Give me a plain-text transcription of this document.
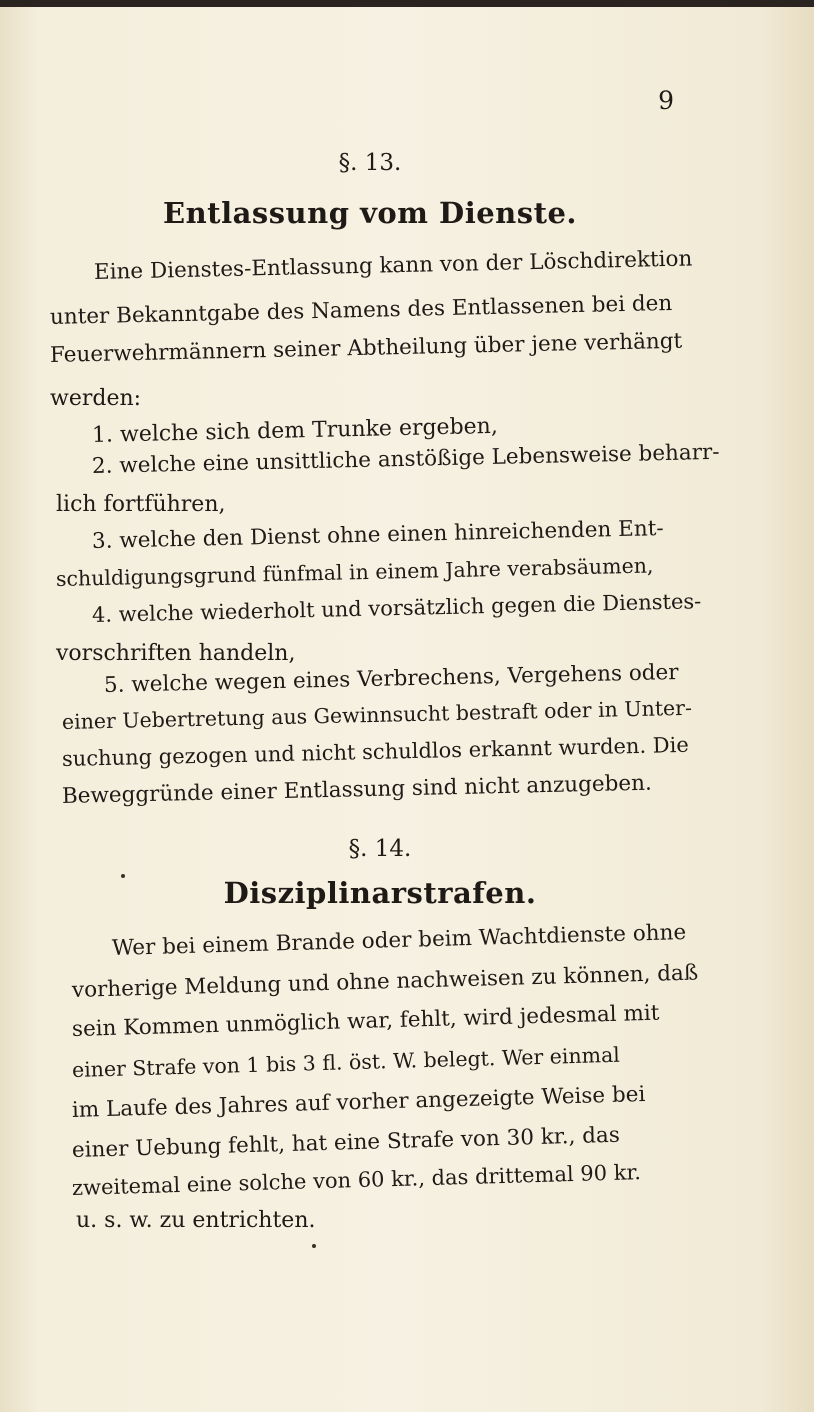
9
§. 13.
Entlassung vom Dienste.
Eine Dienstes-Entlassung kann von der Löschdirektion
unter Bekanntgabe des Namens des Entlassenen bei den
Feuerwehrmännern seiner Abtheilung über jene verhängt
werden:
1. welche sich dem Trunke ergeben,
2. welche eine unsittliche anstößige Lebensweise beharr-
lich fortführen,
3. welche den Dienst ohne einen hinreichenden Ent-
schuldigungsgrund fünfmal in einem Jahre verabsäumen,
4. welche wiederholt und vorsätzlich gegen die Dienstes-
vorschriften handeln,
5. welche wegen eines Verbrechens, Vergehens oder
einer Uebertretung aus Gewinnsucht bestraft oder in Unter-
suchung gezogen und nicht schuldlos erkannt wurden. Die
Beweggründe einer Entlassung sind nicht anzugeben.
§. 14.
Disziplinarstrafen.
Wer bei einem Brande oder beim Wachtdienste ohne
vorherige Meldung und ohne nachweisen zu können, daß
sein Kommen unmöglich war, fehlt, wird jedesmal mit
einer Strafe von 1 bis 3 fl. öst. W. belegt. Wer einmal
im Laufe des Jahres auf vorher angezeigte Weise bei
einer Uebung fehlt, hat eine Strafe von 30 kr., das
zweitemal eine solche von 60 kr., das drittemal 90 kr.
u. s. w. zu entrichten.
